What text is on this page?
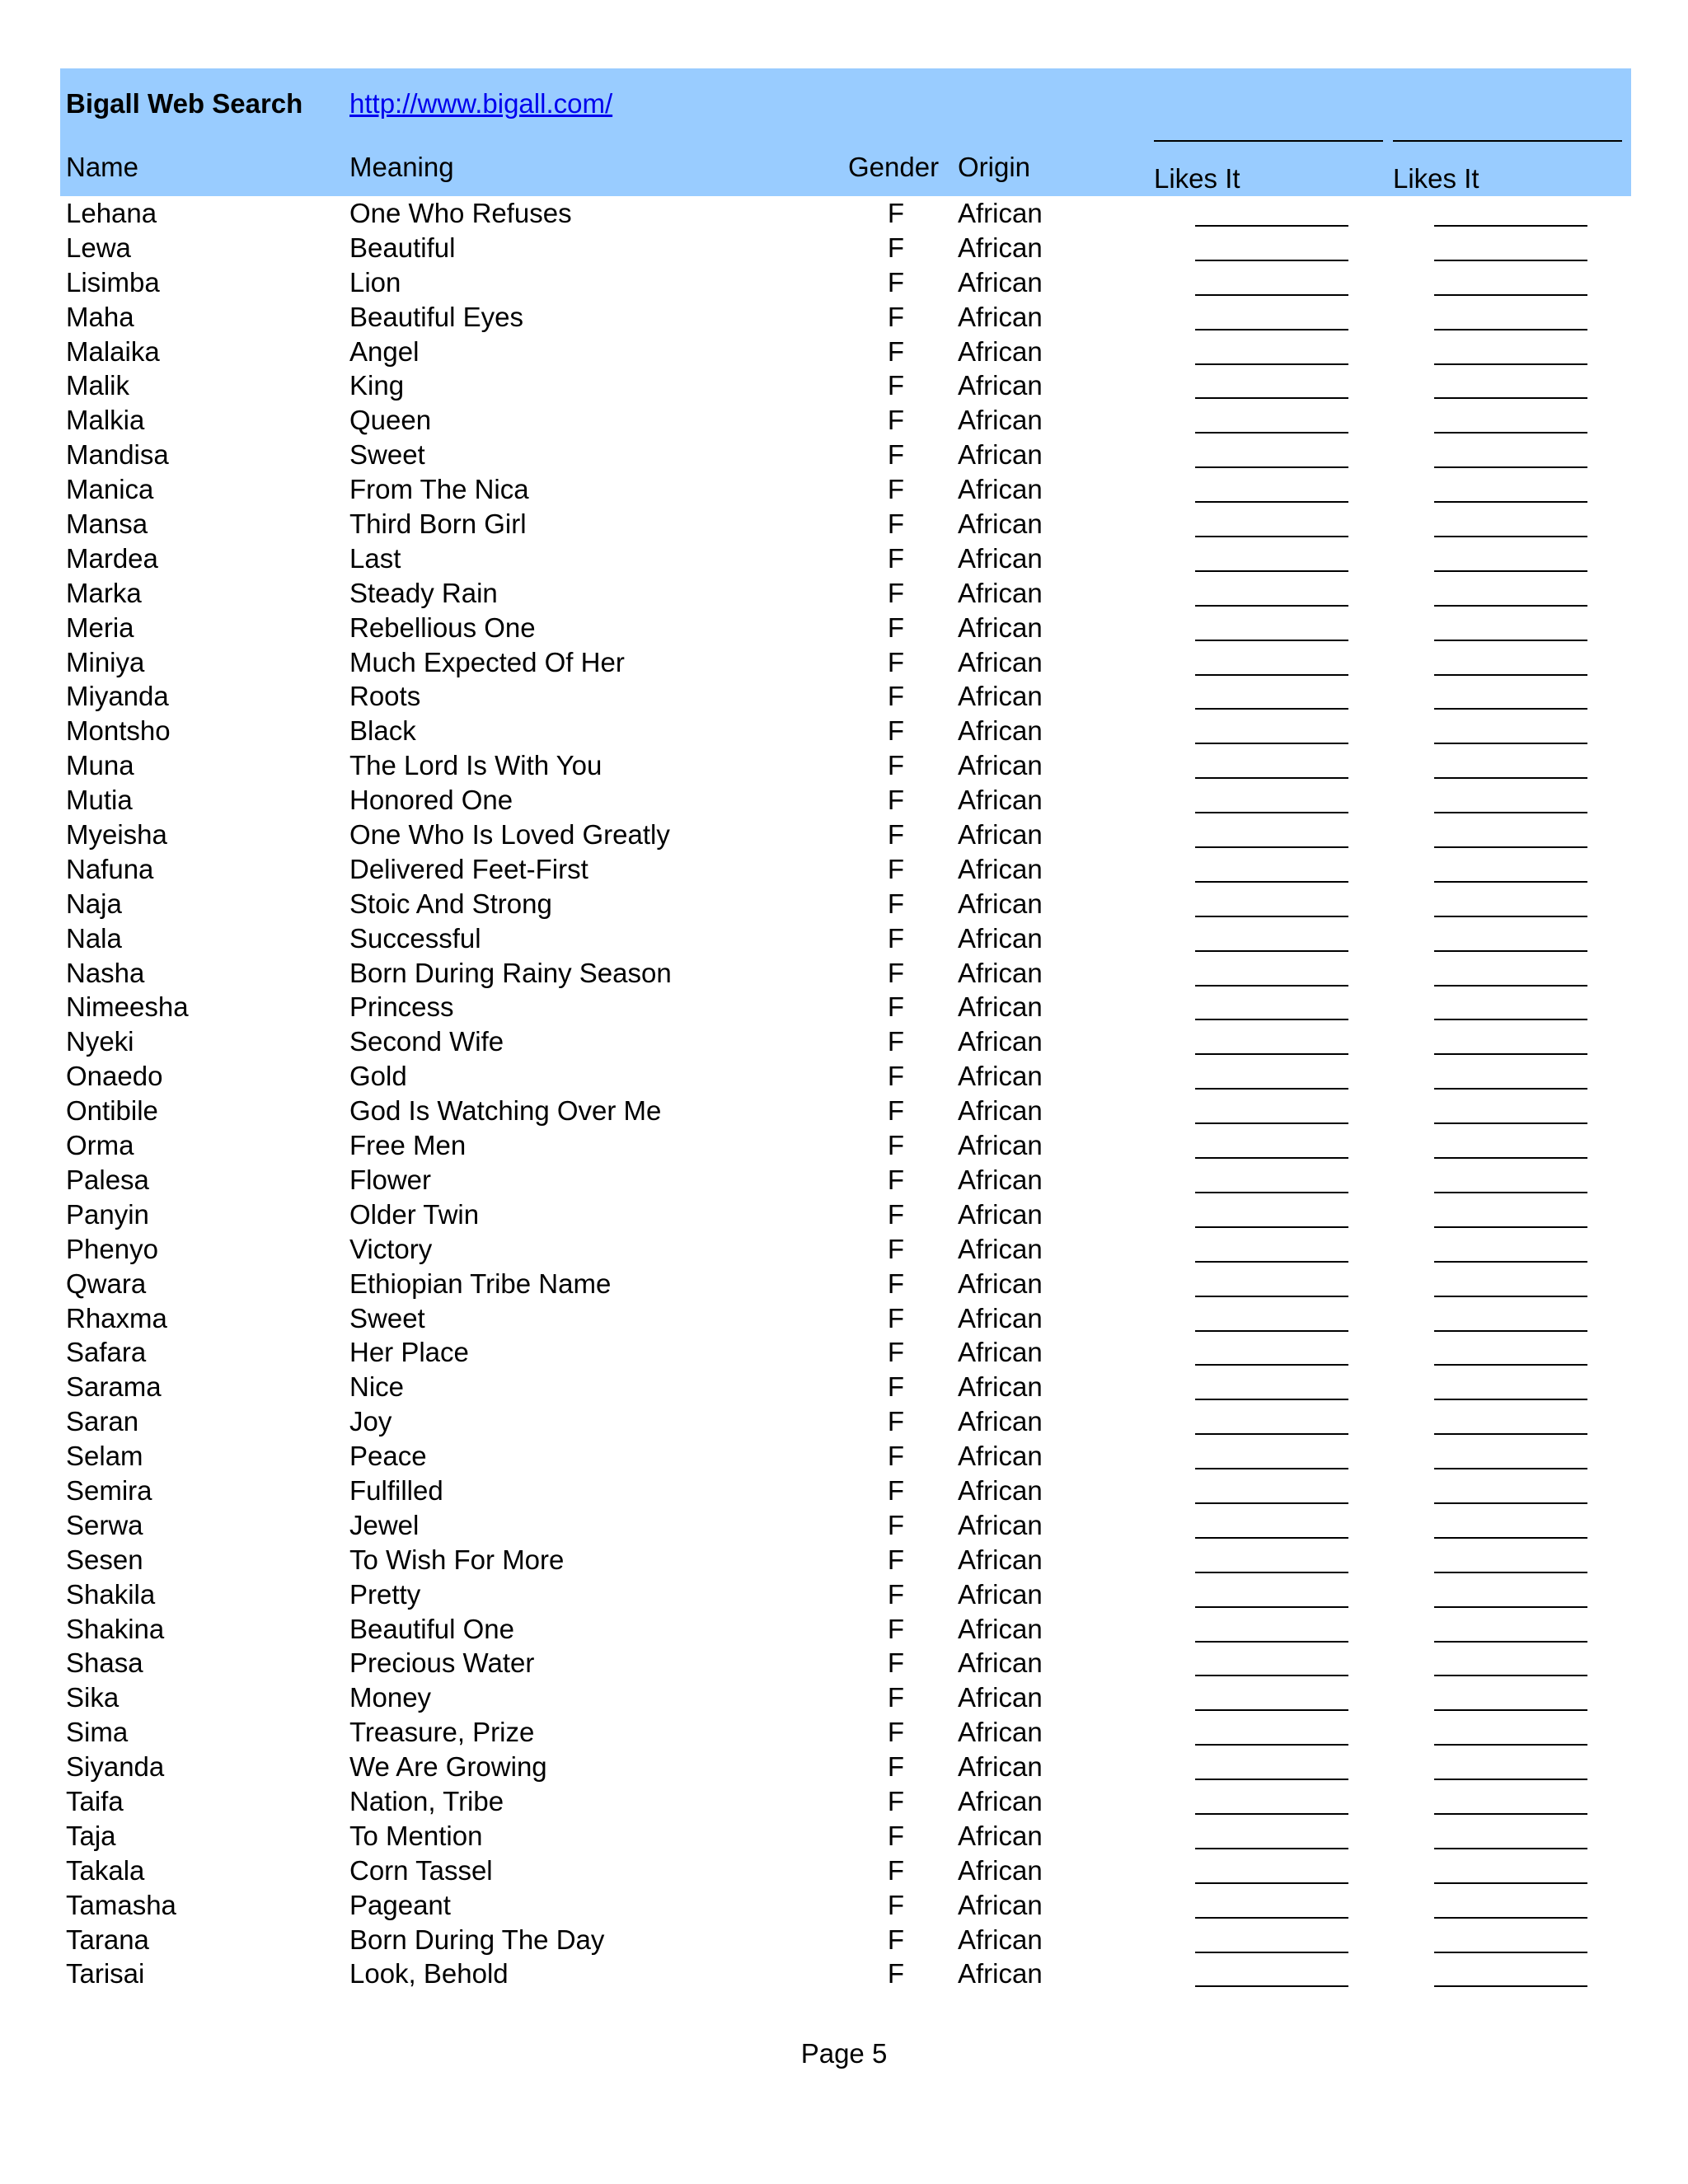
Bigall Web Search http://www.bigall.com/
Name	Meaning	Gender Origin	Likes It	Likes It
Lehana	One Who Refuses	F African
Lewa	Beautiful	F African
Lisimba	Lion	F African
Maha	Beautiful Eyes	F African
Malaika	Angel	F African
Malik	King	F African
Malkia	Queen	F African
Mandisa	Sweet	F African
Manica	From The Nica	F African
Mansa	Third Born Girl	F African
Mardea	Last	F African
Marka	Steady Rain	F African
Meria	Rebellious One	F African
Miniya	Much Expected Of Her	F African
Miyanda	Roots	F African
Montsho	Black	F African
Muna	The Lord Is With You	F African
Mutia	Honored One	F African
Myeisha	One Who Is Loved Greatly	F African
Nafuna	Delivered Feet-First	F African
Naja	Stoic And Strong	F African
Nala	Successful	F African
Nasha	Born During Rainy Season	F African
Nimeesha	Princess	F African
Nyeki	Second Wife	F African
Onaedo	Gold	F African
Ontibile	God Is Watching Over Me	F African
Orma	Free Men	F African
Palesa	Flower	F African
Panyin	Older Twin	F African
Phenyo	Victory	F African
Qwara	Ethiopian Tribe Name	F African
Rhaxma	Sweet	F African
Safara	Her Place	F African
Sarama	Nice	F African
Saran	Joy	F African
Selam	Peace	F African
Semira	Fulfilled	F African
Serwa	Jewel	F African
Sesen	To Wish For More	F African
Shakila	Pretty	F African
Shakina	Beautiful One	F African
Shasa	Precious Water	F African
Sika	Money	F African
Sima	Treasure, Prize	F African
Siyanda	We Are Growing	F African
Taifa	Nation, Tribe	F African
Taja	To Mention	F African
Takala	Corn Tassel	F African
Tamasha	Pageant	F African
Tarana	Born During The Day	F African
Tarisai	Look, Behold	F African
Page 5
